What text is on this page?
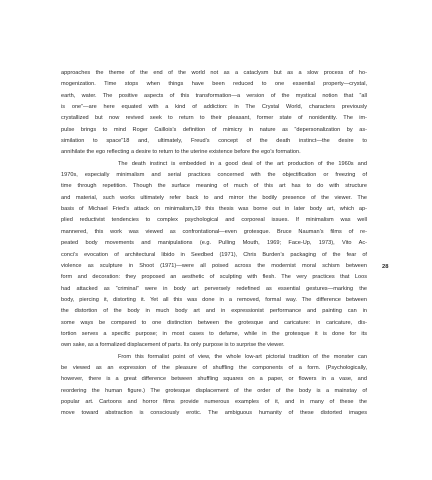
approaches the theme of the end of the world not as a cataclysm but as a slow process of ho-
mogenization. Time stops when things have been reduced to one essential property—crystal,
earth, water. The positive aspects of this transformation—a version of the mystical notion that “all
is one”—are here equated with a kind of addiction: in The Crystal World, characters previously
crystallized but now revived seek to return to their pleasant, former state of nonidentity. The im-
pulse brings to mind Roger Caillois’s definition of mimicry in nature as “depersonalization by as-
similation to space”18 and, ultimately, Freud’s concept of the death instinct—the desire to
annihilate the ego reflecting a desire to return to the uterine existence before the ego’s formation.
The death instinct is embedded in a good deal of the art production of the 1960s and
1970s, especially minimalism and serial practices concerned with the objectification or freezing of
time through repetition. Though the surface meaning of much of this art has to do with structure
and material, such works ultimately refer back to and mirror the bodily presence of the viewer. The
basis of Michael Fried’s attack on minimalism,19 this thesis was borne out in later body art, which ap-
plied reductivist tendencies to complex psychological and corporeal issues. If minimalism was well
mannered, this work was viewed as confrontational—even grotesque. Bruce Nauman’s films of re-
peated body movements and manipulations (e.g. Pulling Mouth, 1969; Face-Up, 1973), Vito Ac-
conci’s evocation of architectural libido in Seedbed (1971), Chris Burden’s packaging of the fear of
violence as sculpture in Shoot (1971)—were all poised across the modernist moral schism between
form and decoration: they proposed an aesthetic of sculpting with flesh. The very practices that Loos
had attacked as “criminal” were in body art perversely redefined as essential gestures—marking the
body, piercing it, distorting it. Yet all this was done in a removed, formal way. The difference between
the distortion of the body in much body art and in expressionist performance and painting can in
some ways be compared to one distinction between the grotesque and caricature: in caricature, dis-
tortion serves a specific purpose; in most cases to defame, while in the grotesque it is done for its
own sake, as a formalized displacement of parts. Its only purpose is to surprise the viewer.
From this formalist point of view, the whole low-art pictorial tradition of the monster can
be viewed as an expression of the pleasure of shuffling the components of a form. (Psychologically,
however, there is a great difference between shuffling squares on a paper, or flowers in a vase, and
reordering the human figure.) The grotesque displacement of the order of the body is a mainstay of
popular art. Cartoons and horror films provide numerous examples of it, and in many of these the
move toward abstraction is consciously erotic. The ambiguous humanity of these distorted images
28
